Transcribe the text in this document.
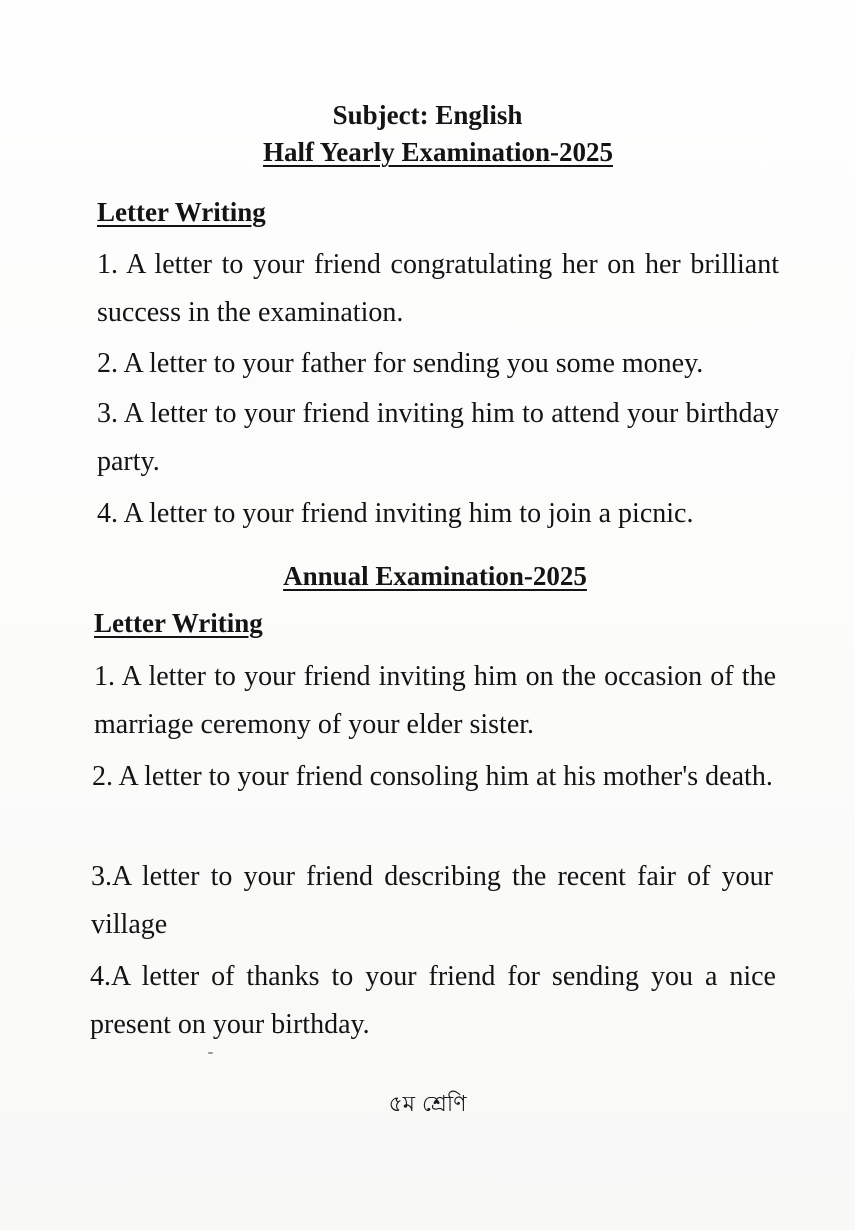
Subject: English
Half Yearly Examination-2025
Letter Writing
1. A letter to your friend congratulating her on her brilliant success in the examination.
2. A letter to your father for sending you some money.
3. A letter to your friend inviting him to attend your birthday party.
4. A letter to your friend inviting him to join a picnic.
Annual Examination-2025
Letter Writing
1. A letter to your friend inviting him on the occasion of the marriage ceremony of your elder sister.
2. A letter to your friend consoling him at his mother's death.
3.A letter to your friend describing the recent fair of your village
4.A letter of thanks to your friend for sending you a nice present on your birthday.
৫ম শ্রেণি
